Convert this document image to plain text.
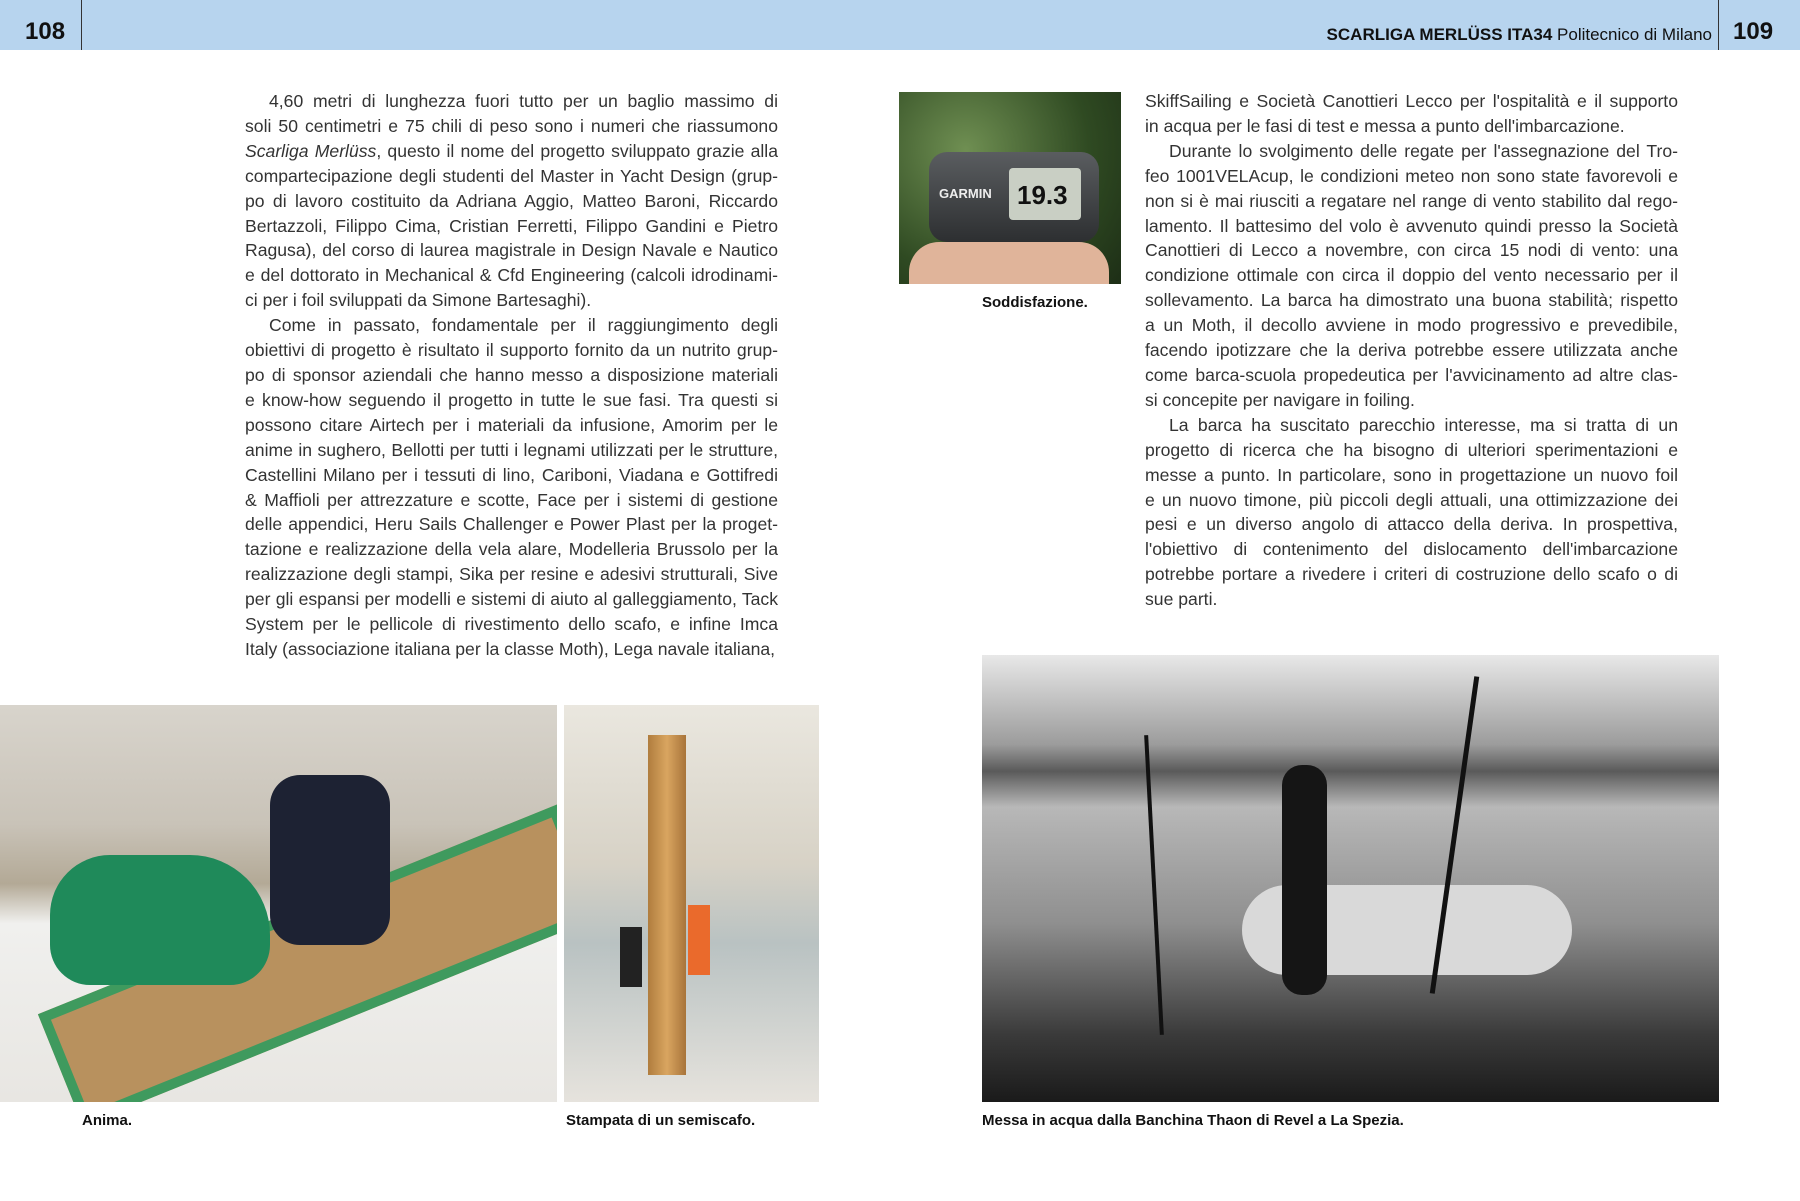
108	SCARLIGA MERLÜSS ITA34 Politecnico di Milano 109
4,60 metri di lunghezza fuori tutto per un baglio massimo di
soli 50 centimetri e 75 chili di peso sono i numeri che riassumono
Scarliga Merlüss, questo il nome del progetto sviluppato grazie alla
compartecipazione degli studenti del Master in Yacht Design (grup-
po di lavoro costituito da Adriana Aggio, Matteo Baroni, Riccardo
Bertazzoli, Filippo Cima, Cristian Ferretti, Filippo Gandini e Pietro
Ragusa), del corso di laurea magistrale in Design Navale e Nautico
e del dottorato in Mechanical & Cfd Engineering (calcoli idrodinami-
ci per i foil sviluppati da Simone Bartesaghi).
Come in passato, fondamentale per il raggiungimento degli
obiettivi di progetto è risultato il supporto fornito da un nutrito grup-
po di sponsor aziendali che hanno messo a disposizione materiali
e know-how seguendo il progetto in tutte le sue fasi. Tra questi si
possono citare Airtech per i materiali da infusione, Amorim per le
anime in sughero, Bellotti per tutti i legnami utilizzati per le strutture,
Castellini Milano per i tessuti di lino, Cariboni, Viadana e Gottifredi
& Maffioli per attrezzature e scotte, Face per i sistemi di gestione
delle appendici, Heru Sails Challenger e Power Plast per la proget-
tazione e realizzazione della vela alare, Modelleria Brussolo per la
realizzazione degli stampi, Sika per resine e adesivi strutturali, Sive
per gli espansi per modelli e sistemi di aiuto al galleggiamento, Tack
System per le pellicole di rivestimento dello scafo, e infine Imca
Italy (associazione italiana per la classe Moth), Lega navale italiana,
SkiffSailing e Società Canottieri Lecco per l'ospitalità e il supporto
in acqua per le fasi di test e messa a punto dell'imbarcazione.
Durante lo svolgimento delle regate per l'assegnazione del Tro-
feo 1001VELAcup, le condizioni meteo non sono state favorevoli e
non si è mai riusciti a regatare nel range di vento stabilito dal rego-
lamento. Il battesimo del volo è avvenuto quindi presso la Società
Canottieri di Lecco a novembre, con circa 15 nodi di vento: una
condizione ottimale con circa il doppio del vento necessario per il
sollevamento. La barca ha dimostrato una buona stabilità; rispetto
a un Moth, il decollo avviene in modo progressivo e prevedibile,
facendo ipotizzare che la deriva potrebbe essere utilizzata anche
come barca-scuola propedeutica per l'avvicinamento ad altre clas-
si concepite per navigare in foiling.
La barca ha suscitato parecchio interesse, ma si tratta di un
progetto di ricerca che ha bisogno di ulteriori sperimentazioni e
messe a punto. In particolare, sono in progettazione un nuovo foil
e un nuovo timone, più piccoli degli attuali, una ottimizzazione dei
pesi e un diverso angolo di attacco della deriva. In prospettiva,
l'obiettivo di contenimento del dislocamento dell'imbarcazione
potrebbe portare a rivedere i criteri di costruzione dello scafo o di
sue parti.
GARMIN 19.3
Soddisfazione.
Anima.	Stampata di un semiscafo.	Messa in acqua dalla Banchina Thaon di Revel a La Spezia.
